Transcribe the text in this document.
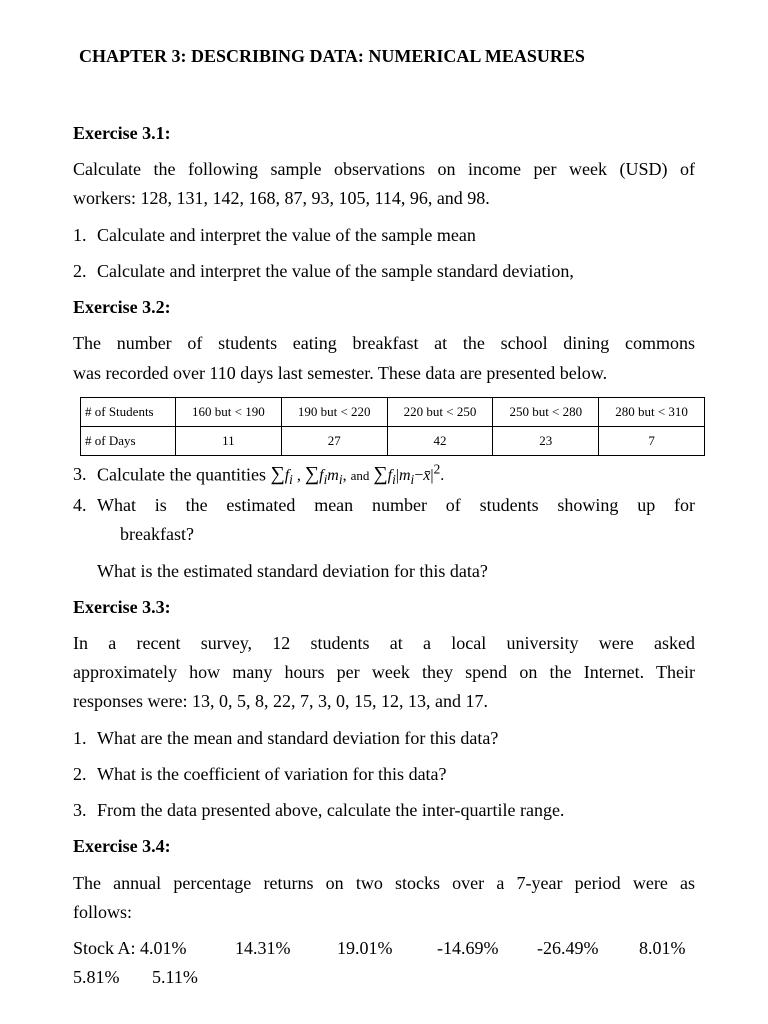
CHAPTER 3: DESCRIBING DATA: NUMERICAL MEASURES
Exercise 3.1:
Calculate the following sample observations on income per week (USD) of
workers: 128, 131, 142, 168, 87, 93, 105, 114, 96, and 98.
1. Calculate and interpret the value of the sample mean
2. Calculate and interpret the value of the sample standard deviation,
Exercise 3.2:
The number of students eating breakfast at the school dining commons
was recorded over 110 days last semester. These data are presented below.
# of Students	160 but < 190	190 but < 220	220 but < 250	250 but < 280	280 but < 310
# of Days	11	27	42	23	7
3. Calculate the quantities $\sum f_i$ , $\sum f_im_i$, and $\sum f_i|m_i-x̄|^2$.
4. What is the estimated mean number of students showing up for
breakfast?
What is the estimated standard deviation for this data?
Exercise 3.3:
In a recent survey, 12 students at a local university were asked
approximately how many hours per week they spend on the Internet. Their
responses were: 13, 0, 5, 8, 22, 7, 3, 0, 15, 12, 13, and 17.
1. What are the mean and standard deviation for this data?
2. What is the coefficient of variation for this data?
3. From the data presented above, calculate the inter-quartile range.
Exercise 3.4:
The annual percentage returns on two stocks over a 7-year period were as
follows:
Stock A: 4.01%	14.31%	19.01% -14.69% -26.49% 8.01%
5.81% 5.11%
